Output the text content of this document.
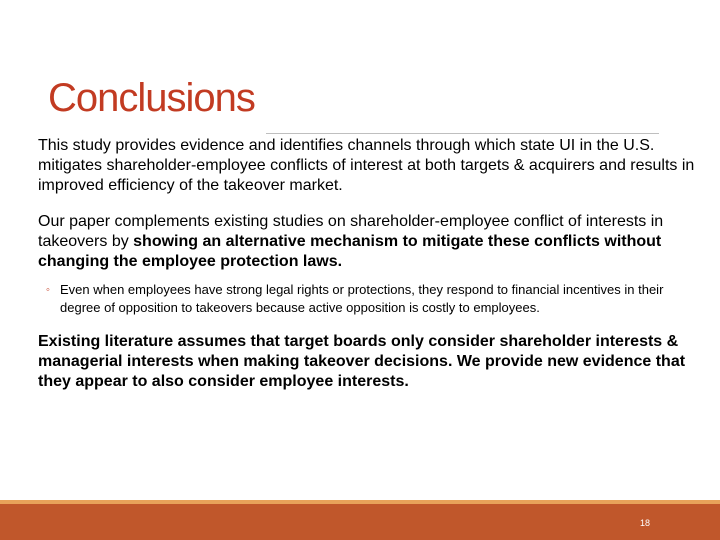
Conclusions

This study provides evidence and identifies channels through which state UI in the U.S. mitigates shareholder-employee conflicts of interest at both targets & acquirers and results in improved efficiency of the takeover market.

Our paper complements existing studies on shareholder-employee conflict of interests in takeovers by showing an alternative mechanism to mitigate these conflicts without changing the employee protection laws.

◦ Even when employees have strong legal rights or protections, they respond to financial incentives in their degree of opposition to takeovers because active opposition is costly to employees.

Existing literature assumes that target boards only consider shareholder interests & managerial interests when making takeover decisions. We provide new evidence that they appear to also consider employee interests.

18
